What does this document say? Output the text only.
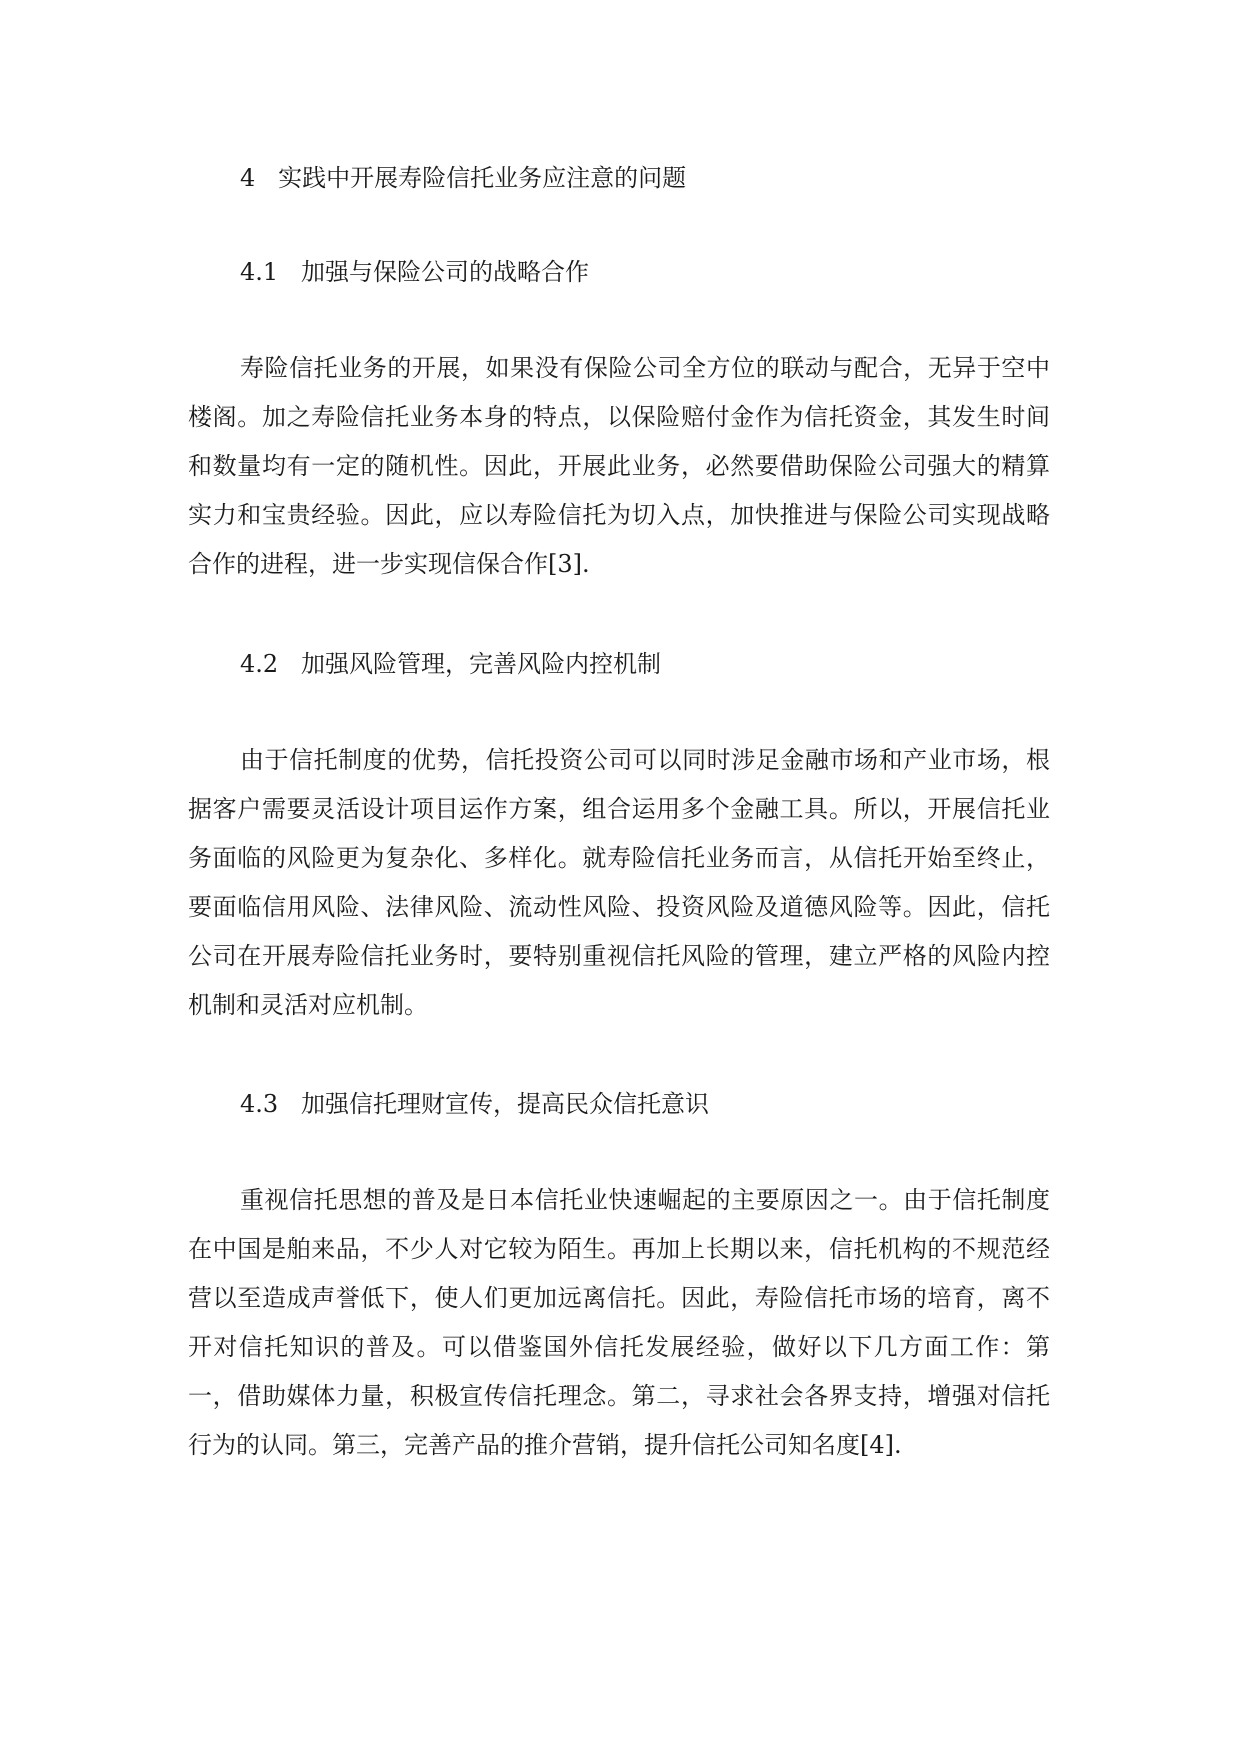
4   实践中开展寿险信托业务应注意的问题
4.1   加强与保险公司的战略合作

寿险信托业务的开展，如果没有保险公司全方位的联动与配合，无异于空中楼阁。加之寿险信托业务本身的特点，以保险赔付金作为信托资金，其发生时间和数量均有一定的随机性。因此，开展此业务，必然要借助保险公司强大的精算实力和宝贵经验。因此，应以寿险信托为切入点，加快推进与保险公司实现战略合作的进程，进一步实现信保合作[3].

4.2   加强风险管理，完善风险内控机制

由于信托制度的优势，信托投资公司可以同时涉足金融市场和产业市场，根据客户需要灵活设计项目运作方案，组合运用多个金融工具。所以，开展信托业务面临的风险更为复杂化、多样化。就寿险信托业务而言，从信托开始至终止，要面临信用风险、法律风险、流动性风险、投资风险及道德风险等。因此，信托公司在开展寿险信托业务时，要特别重视信托风险的管理，建立严格的风险内控机制和灵活对应机制。

4.3   加强信托理财宣传，提高民众信托意识

重视信托思想的普及是日本信托业快速崛起的主要原因之一。由于信托制度在中国是舶来品，不少人对它较为陌生。再加上长期以来，信托机构的不规范经营以至造成声誉低下，使人们更加远离信托。因此，寿险信托市场的培育，离不开对信托知识的普及。可以借鉴国外信托发展经验，做好以下几方面工作：第一，借助媒体力量，积极宣传信托理念。第二，寻求社会各界支持，增强对信托行为的认同。第三，完善产品的推介营销，提升信托公司知名度[4].
